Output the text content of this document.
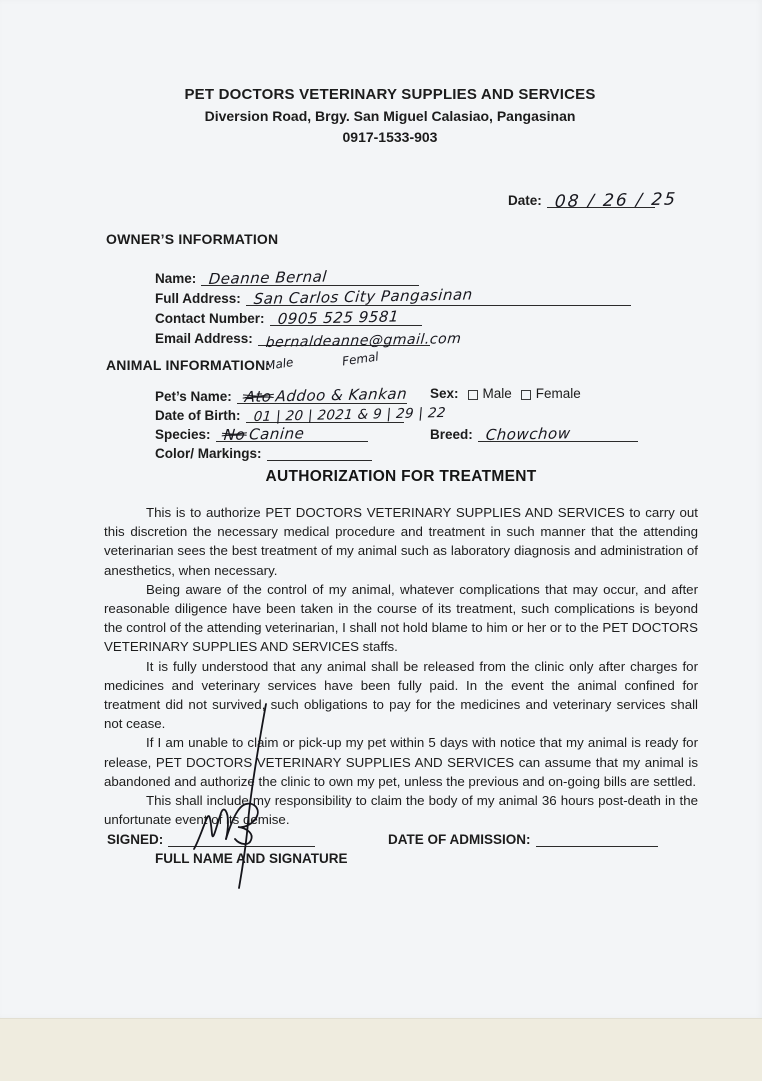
PET DOCTORS VETERINARY SUPPLIES AND SERVICES
Diversion Road, Brgy. San Miguel Calasiao, Pangasinan
0917-1533-903
Date: 08 / 26 / 25
OWNER’S INFORMATION
Name: Deanne Bernal
Full Address: San Carlos City Pangasinan
Contact Number: 0905 525 9581
Email Address: bernaldeanne@gmail.com
ANIMAL INFORMATION:
Pet’s Name: Ato Addoo & Kankan
Male	Femal
Sex: Male Female
Date of Birth: 01 | 20 | 2021 & 9 | 29 | 22
Species: No Canine	Breed: Chowchow
Color/ Markings:
AUTHORIZATION FOR TREATMENT

This is to authorize PET DOCTORS VETERINARY SUPPLIES AND SERVICES to carry out this discretion the necessary medical procedure and treatment in such manner that the attending veterinarian sees the best treatment of my animal such as laboratory diagnosis and administration of anesthetics, when necessary.

Being aware of the control of my animal, whatever complications that may occur, and after reasonable diligence have been taken in the course of its treatment, such complications is beyond the control of the attending veterinarian, I shall not hold blame to him or her or to the PET DOCTORS VETERINARY SUPPLIES AND SERVICES staffs.

It is fully understood that any animal shall be released from the clinic only after charges for medicines and veterinary services have been fully paid. In the event the animal confined for treatment did not survived, such obligations to pay for the medicines and veterinary services shall not cease.

If I am unable to claim or pick-up my pet within 5 days with notice that my animal is ready for release, PET DOCTORS VETERINARY SUPPLIES AND SERVICES can assume that my animal is abandoned and authorize the clinic to own my pet, unless the previous and on-going bills are settled.

This shall include my responsibility to claim the body of my animal 36 hours post-death in the unfortunate event of its demise.

SIGNED:
FULL NAME AND SIGNATURE
DATE OF ADMISSION:
